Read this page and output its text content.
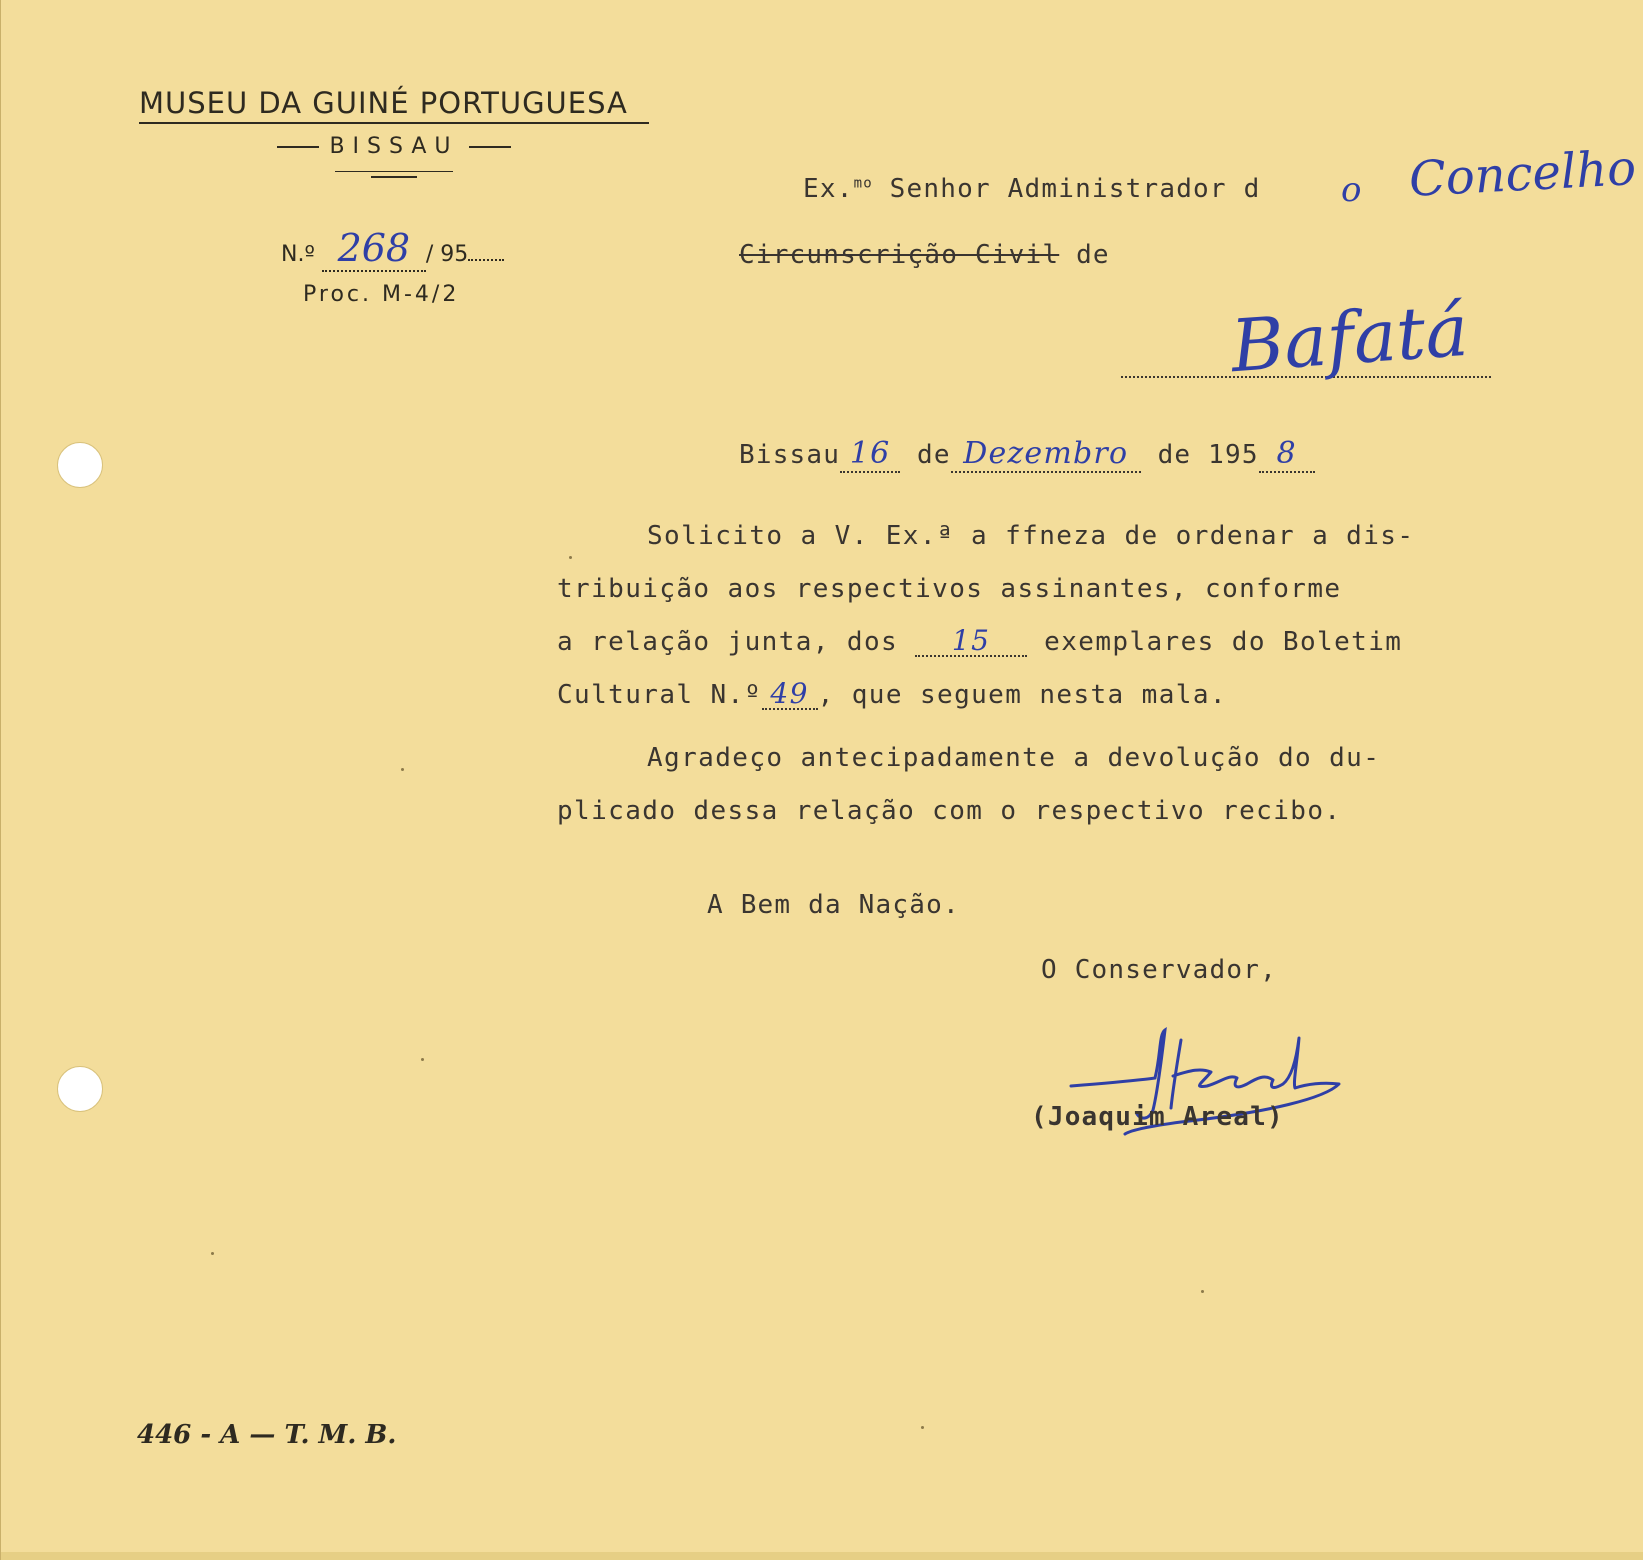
MUSEU DA GUINÉ PORTUGUESA
BISSAU
N.º 268 / 95
Proc. M-4/2
Ex.$^{mo}$ Senhor Administrador d o Concelho
Circunscrição Civil de
Bafatá
Bissau 16 de Dezembro de 195 8

Solicito a V. Ex.ª a ffneza de ordenar a dis-

tribuição aos respectivos assinantes, conforme

a relação junta, dos 15 exemplares do Boletim

Cultural N.º 49 , que seguem nesta mala.

Agradeço antecipadamente a devolução do du-

plicado dessa relação com o respectivo recibo.

A Bem da Nação.
O Conservador,
(Joaquim Areal)
446 - A — T. M. B.
